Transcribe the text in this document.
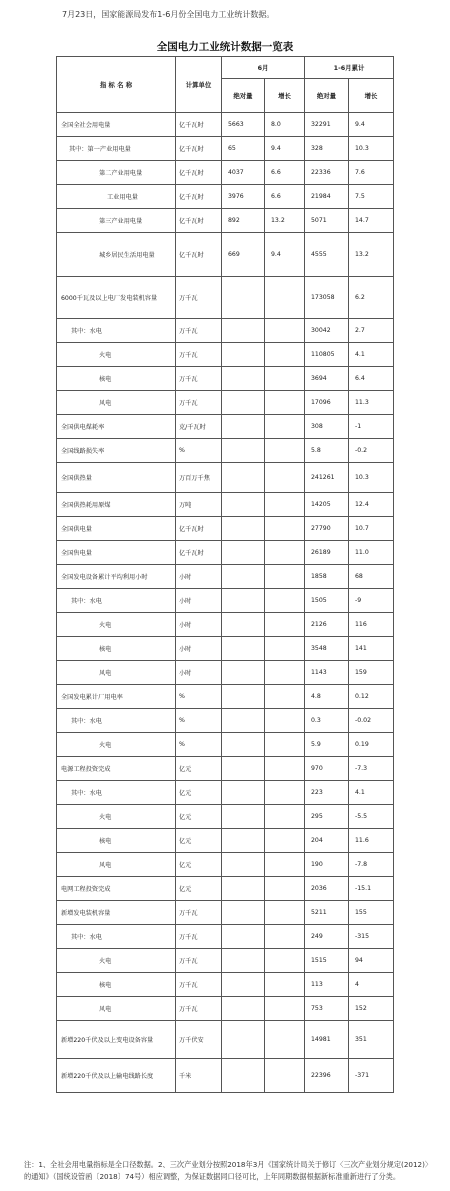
7月23日，国家能源局发布1-6月份全国电力工业统计数据。
全国电力工业统计数据一览表
指 标 名 称	计算单位	6月		1-6月累计	
		绝对量	增长	绝对量	增长
全国全社会用电量	亿千瓦时	5663	8.0	32291	9.4
其中：第一产业用电量	亿千瓦时	65	9.4	328	10.3
第二产业用电量	亿千瓦时	4037	6.6	22336	7.6
工业用电量	亿千瓦时	3976	6.6	21984	7.5
第三产业用电量	亿千瓦时	892	13.2	5071	14.7
城乡居民生活用电量	亿千瓦时	669	9.4	4555	13.2
6000千瓦及以上电厂发电装机容量	万千瓦			173058	6.2
其中：水电	万千瓦			30042	2.7
火电	万千瓦			110805	4.1
核电	万千瓦			3694	6.4
风电	万千瓦			17096	11.3
全国供电煤耗率	克/千瓦时			308	-1
全国线路损失率	%			5.8	-0.2
全国供热量	万百万千焦			241261	10.3
全国供热耗用原煤	万吨			14205	12.4
全国供电量	亿千瓦时			27790	10.7
全国售电量	亿千瓦时			26189	11.0
全国发电设备累计平均利用小时	小时			1858	68
其中：水电	小时			1505	-9
火电	小时			2126	116
核电	小时			3548	141
风电	小时			1143	159
全国发电累计厂用电率	%			4.8	0.12
其中：水电	%			0.3	-0.02
火电	%			5.9	0.19
电源工程投资完成	亿元			970	-7.3
其中：水电	亿元			223	4.1
火电	亿元			295	-5.5
核电	亿元			204	11.6
风电	亿元			190	-7.8
电网工程投资完成	亿元			2036	-15.1
新增发电装机容量	万千瓦			5211	155
其中：水电	万千瓦			249	-315
火电	万千瓦			1515	94
核电	万千瓦			113	4
风电	万千瓦			753	152
新增220千伏及以上变电设备容量	万千伏安			14981	351
新增220千伏及以上输电线路长度	千米			22396	-371
注：1、全社会用电量指标是全口径数据。2、三次产业划分按照2018年3月《国家统计局关于修订〈三次产业划分规定(2012)〉的通知》（国统设管函〔2018〕74号）相应调整，为保证数据同口径可比，上年同期数据根据新标准重新进行了分类。
